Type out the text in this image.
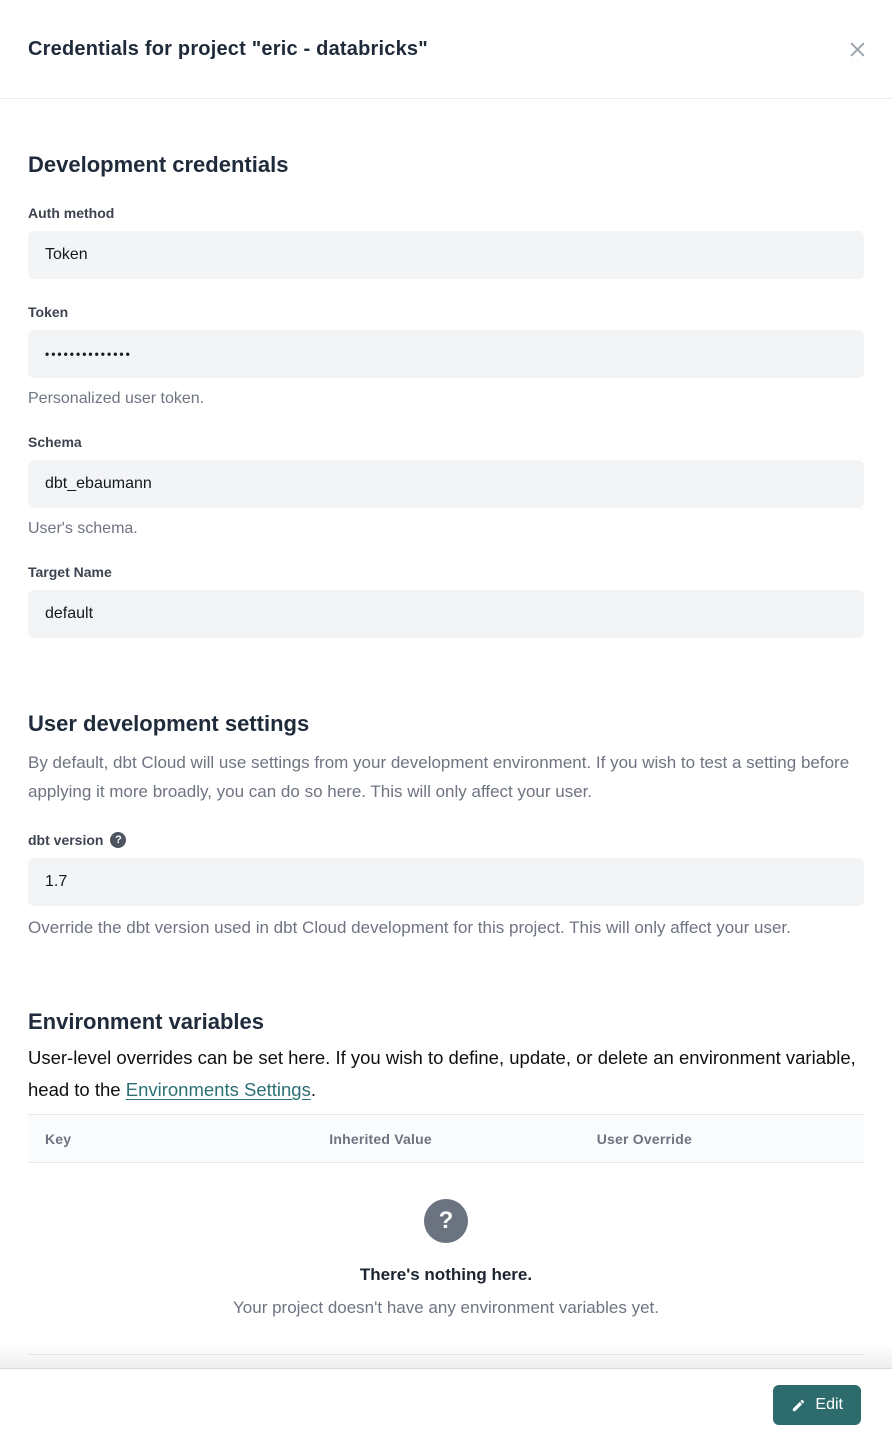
Credentials for project "eric - databricks"
Development credentials
Auth method
Token
Token
••••••••••••••
Personalized user token.
Schema
dbt_ebaumann
User's schema.
Target Name
default
User development settings
By default, dbt Cloud will use settings from your development environment. If you wish to test a setting before applying it more broadly, you can do so here. This will only affect your user.
dbt version	?
1.7
Override the dbt version used in dbt Cloud development for this project. This will only affect your user.
Environment variables
User-level overrides can be set here. If you wish to define, update, or delete an environment variable, head to the Environments Settings.
Key	Inherited Value	User Override
?
There's nothing here.
Your project doesn't have any environment variables yet.
Edit
